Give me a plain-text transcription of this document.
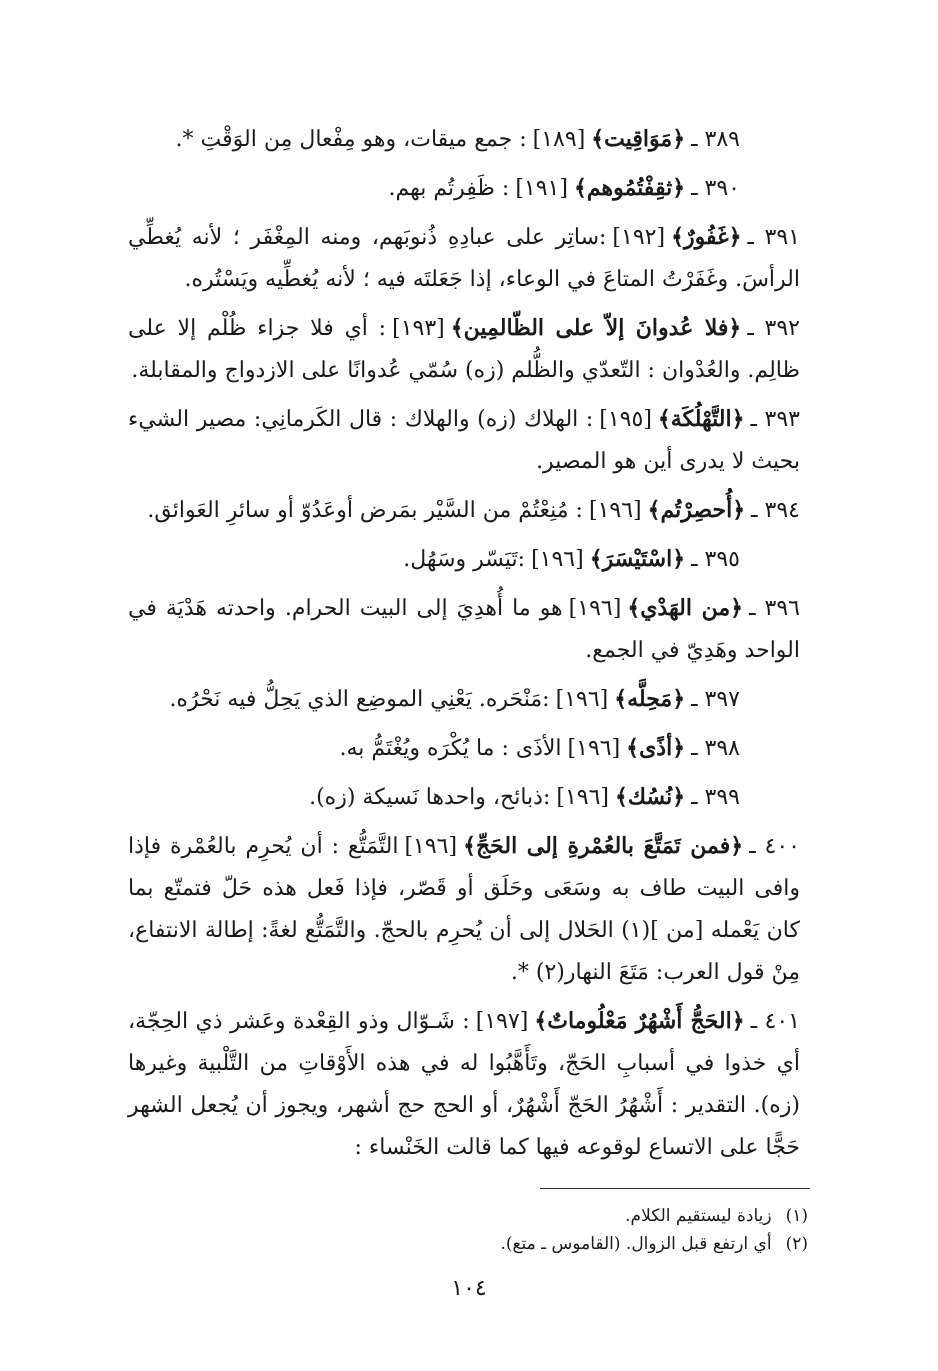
٣٨٩ ـ﴿مَوَاقِيت﴾[١٨٩]: جمع ميقات، وهو مِفْعال مِن الوَقْتِ *.
٣٩٠ ـ﴿ثقِفْتُمُوهم﴾[١٩١]: ظَفِرتُم بهم.
٣٩١ ـ﴿غَفُورٌ﴾[١٩٢]:ساتِر على عبادِهِ ذُنوبَهم، ومنه المِغْفَر ؛ لأنه يُغطِّي الرأسَ. وغَفَرْتُ المتاعَ في الوعاء، إذا جَعَلتَه فيه ؛ لأنه يُغطِّيه ويَسْتُره.
٣٩٢ ـ﴿فلا عُدوانَ إلاّ على الظّالمِين﴾[١٩٣]: أي فلا جزاء ظُلْم إلا على ظالِم. والعُدْوان : التّعدّي والظُّلم (زه) سُمّي عُدوانًا على الازدواج والمقابلة.
٣٩٣ ـ﴿التَّهْلُكَة﴾[١٩٥]: الهلاك (زه) والهلاك : قال الكَرمانِي: مصير الشيء بحيث لا يدرى أين هو المصير.
٣٩٤ ـ﴿أُحصِرْتُم﴾[١٩٦]: مُنِعْتُمْ من السَّيْر بمَرض أوعَدُوّ أو سائرِ العَوائق.
٣٩٥ ـ﴿اسْتَيْسَرَ﴾[١٩٦]:تَيَسّر وسَهُل.
٣٩٦ ـ﴿من الهَدْي﴾[١٩٦]هو ما أُهدِيَ إلى البيت الحرام. واحدته هَدْيَة في الواحد وهَدِيّ في الجمع.
٣٩٧ ـ﴿مَحِلَّه﴾[١٩٦]:مَنْحَره. يَعْنِي الموضِع الذي يَحِلُّ فيه نَحْرُه.
٣٩٨ ـ﴿أذًى﴾[١٩٦]الأذَى : ما يُكْرَه ويُغْتَمُّ به.
٣٩٩ ـ﴿نُسُك﴾[١٩٦]:ذبائح، واحدها نَسيكة (زه).
٤٠٠ ـ﴿فمن تَمَتَّعَ بالعُمْرةِ إلى الحَجِّ﴾[١٩٦]التَّمَتُّع : أن يُحرِم بالعُمْرة فإذا وافى البيت طاف به وسَعَى وحَلَق أو قَصّر، فإذا فَعل هذه حَلّ فتمتّع بما كان يَعْمله [من ](١) الحَلال إلى أن يُحرِم بالحجّ. والتَّمَتُّع لغةً: إطالة الانتفاع، مِنْ قول العرب: مَتَعَ النهار(٢) *.
٤٠١ ـ﴿الحَجُّ أَشْهُرٌ مَعْلُوماتٌ﴾[١٩٧]: شَـوّال وذو القِعْدة وعَشر ذي الحِجّة، أي خذوا في أسبابِ الحَجّ، وتَأَهَّبُوا له في هذه الأَوْقاتِ من التَّلْبية وغيرها (زه). التقدير : أَشْهُرُ الحَجّ أَشْهُرٌ، أو الحج حج أشهر، ويجوز أن يُجعل الشهر حَجًّا على الاتساع لوقوعه فيها كما قالت الخَنْساء :
(١)زيادة ليستقيم الكلام.
(٢)أي ارتفع قبل الزوال. (القاموس ـ متع).
١٠٤
